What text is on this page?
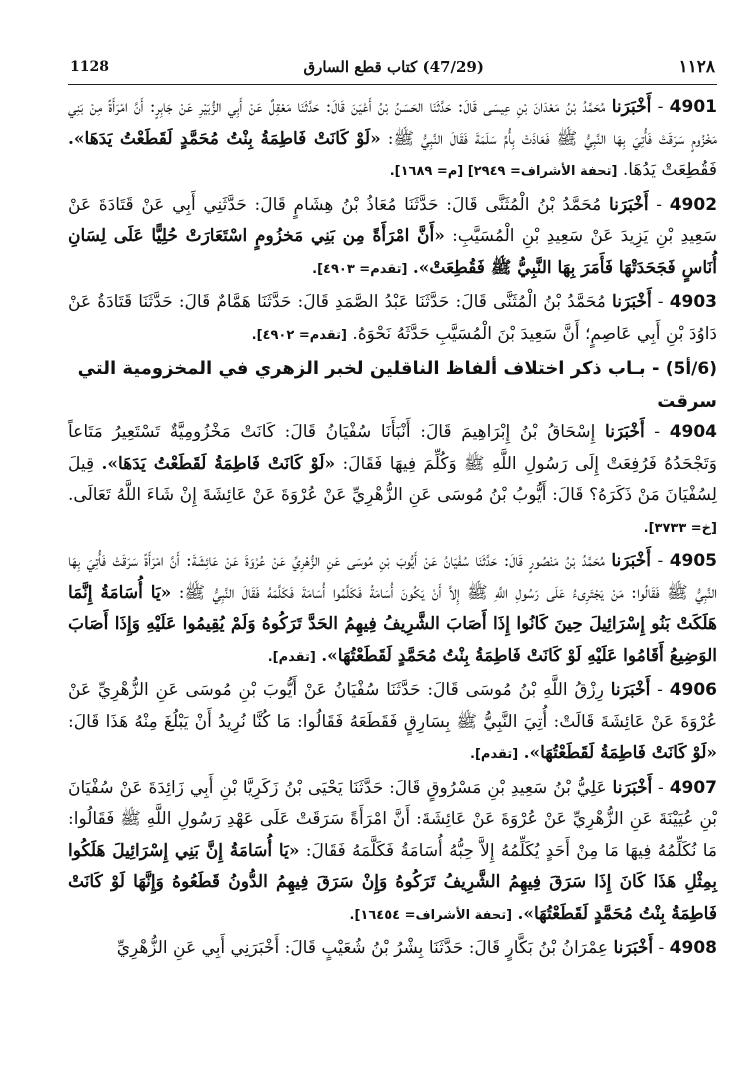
1128	(47/29) كتاب قطع السارق	١١٢٨

4901 - أَخْبَرَنا مُحَمَّدُ بْنُ مَعْدَانَ بْنِ عِيسَى قَالَ: حَدَّثَنَا الحَسَنُ بْنُ أَعْيَنَ قَالَ: حَدَّثَنَا مَعْقِلٌ عَنْ أَبِي الزُّبَيْرِ عَنْ جَابِرٍ: أَنَّ امْرَأَةً مِنْ بَنِي مَخْزُومٍ سَرَقَتْ فَأُتِيَ بِهَا النَّبِيُّ ﷺ فَعَاذَتْ بِأُمِّ سَلَمَةَ فَقَالَ النَّبِيُّ ﷺ: «لَوْ كَانَتْ فَاطِمَةُ بِنْتُ مُحَمَّدٍ لَقَطَعْتُ يَدَهَا». فَقُطِعَتْ يَدُهَا. [تحفة الأشراف= ٢٩٤٩] [م= ١٦٨٩].

4902 - أَخْبَرَنا مُحَمَّدُ بْنُ الْمُثَنَّى قَالَ: حَدَّثَنَا مُعَاذُ بْنُ هِشَامٍ قَالَ: حَدَّثَنِي أَبِي عَنْ قَتَادَةَ عَنْ سَعِيدِ بْنِ يَزِيدَ عَنْ سَعِيدِ بْنِ الْمُسَيَّبِ: «أَنَّ امْرَأَةً مِن بَنِي مَخزُومٍ اسْتَعَارَتْ حُلِيًّا عَلَى لِسَانِ أُنَاسٍ فَجَحَدَتْهَا فَأَمَرَ بِهَا النَّبِيُّ ﷺ فَقُطِعَتْ». [تقدم= ٤٩٠٣].

4903 - أَخْبَرَنا مُحَمَّدُ بْنُ الْمُثَنَّى قَالَ: حَدَّثَنَا عَبْدُ الصَّمَدِ قَالَ: حَدَّثَنَا هَمَّامٌ قَالَ: حَدَّثَنَا قَتَادَةُ عَنْ دَاوُدَ بْنِ أَبِي عَاصِمٍ؛ أَنَّ سَعِيدَ بْنَ الْمُسَيَّبِ حَدَّثَهُ نَحْوَهُ. [تقدم= ٤٩٠٢].

(6/أ5) - بـاب ذكر اختلاف ألفاظ الناقلين لخبر الزهري في المخزومية التي سرقت

4904 - أَخْبَرَنا إِسْحَاقُ بْنُ إِبْرَاهِيمَ قَالَ: أَنْبَأَنَا سُفْيَانُ قَالَ: كَانَتْ مَخْزُومِيَّةٌ تَسْتَعِيرُ مَتَاعاً وَتَجْحَدُهُ فَرُفِعَتْ إِلَى رَسُولِ اللَّهِ ﷺ وَكُلِّمَ فِيهَا فَقَالَ: «لَوْ كَانَتْ فَاطِمَةُ لَقَطَعْتُ يَدَهَا». قِيلَ لِسُفْيَانَ مَنْ ذَكَرَهُ؟ قَالَ: أَيُّوبُ بْنُ مُوسَى عَنِ الزُّهْرِيِّ عَنْ عُرْوَةَ عَنْ عَائِشَةَ إِنْ شَاءَ اللَّهُ تَعَالَى. [خ= ٣٧٣٣].

4905 - أَخْبَرَنا مُحَمَّدُ بْنُ مَنْصُورٍ قَالَ: حَدَّثَنَا سُفْيَانُ عَنْ أَيُّوبَ بْنِ مُوسَى عَنِ الزُّهْرِيِّ عَنْ عُرْوَةَ عَنْ عَائِشَةَ: أَنَّ امْرَأَةً سَرَقَتْ فَأُتِيَ بِهَا النَّبِيُّ ﷺ فَقَالُوا: مَنْ يَجْتَرِىءُ عَلَى رَسُولِ اللَّهِ ﷺ إِلاَّ أَنْ يَكُونَ أُسَامَةُ فَكَلَّمُوا أُسَامَةَ فَكَلَّمَهُ فَقَالَ النَّبِيُّ ﷺ: «يَا أُسَامَةُ إِنَّمَا هَلَكَتْ بَنُو إِسْرَائِيلَ حِينَ كَانُوا إِذَا أَصَابَ الشَّرِيفُ فِيهِمُ الحَدَّ تَرَكُوهُ وَلَمْ يُقِيمُوا عَلَيْهِ وَإِذَا أَصَابَ الوَضِيعُ أَقَامُوا عَلَيْهِ لَوْ كَانَتْ فَاطِمَةُ بِنْتُ مُحَمَّدٍ لَقَطَعْتُهَا». [تقدم].

4906 - أَخْبَرَنا رِزْقُ اللَّهِ بْنُ مُوسَى قَالَ: حَدَّثَنَا سُفْيَانُ عَنْ أَيُّوبَ بْنِ مُوسَى عَنِ الزُّهْرِيِّ عَنْ عُرْوَةَ عَنْ عَائِشَةَ قَالَتْ: أُتِيَ النَّبِيُّ ﷺ بِسَارِقٍ فَقَطَعَهُ فَقَالُوا: مَا كُنَّا نُرِيدُ أَنْ يَبْلُغَ مِنْهُ هَذَا قَالَ: «لَوْ كَانَتْ فَاطِمَةُ لَقَطَعْتُهَا». [تقدم].

4907 - أَخْبَرَنا عَلِيُّ بْنُ سَعِيدِ بْنِ مَسْرُوقٍ قَالَ: حَدَّثَنَا يَحْيَى بْنُ زَكَرِيَّا بْنِ أَبِي زَائِدَةَ عَنْ سُفْيَانَ بْنِ عُيَيْنَةَ عَنِ الزُّهْرِيِّ عَنْ عُرْوَةَ عَنْ عَائِشَةَ: أَنَّ امْرَأَةً سَرَقَتْ عَلَى عَهْدِ رَسُولِ اللَّهِ ﷺ فَقَالُوا: مَا نُكَلِّمُهُ فِيهَا مَا مِنْ أَحَدٍ يُكَلِّمُهُ إِلاَّ حِبُّهُ أُسَامَةُ فَكَلَّمَهُ فَقَالَ: «يَا أُسَامَةُ إِنَّ بَنِي إِسْرَائِيلَ هَلَكُوا بِمِثْلِ هَذَا كَانَ إِذَا سَرَقَ فِيهِمُ الشَّرِيفُ تَرَكُوهُ وَإِنْ سَرَقَ فِيهِمُ الدُّونُ قَطَعُوهُ وَإِنَّهَا لَوْ كَانَتْ فَاطِمَةُ بِنْتُ مُحَمَّدٍ لَقَطَعْتُهَا». [تحفة الأشراف= ١٦٤٥٤].

4908 - أَخْبَرَنا عِمْرَانُ بْنُ بَكَّارٍ قَالَ: حَدَّثَنَا بِشْرُ بْنُ شُعَيْبٍ قَالَ: أَخْبَرَنِي أَبِي عَنِ الزُّهْرِيِّ
